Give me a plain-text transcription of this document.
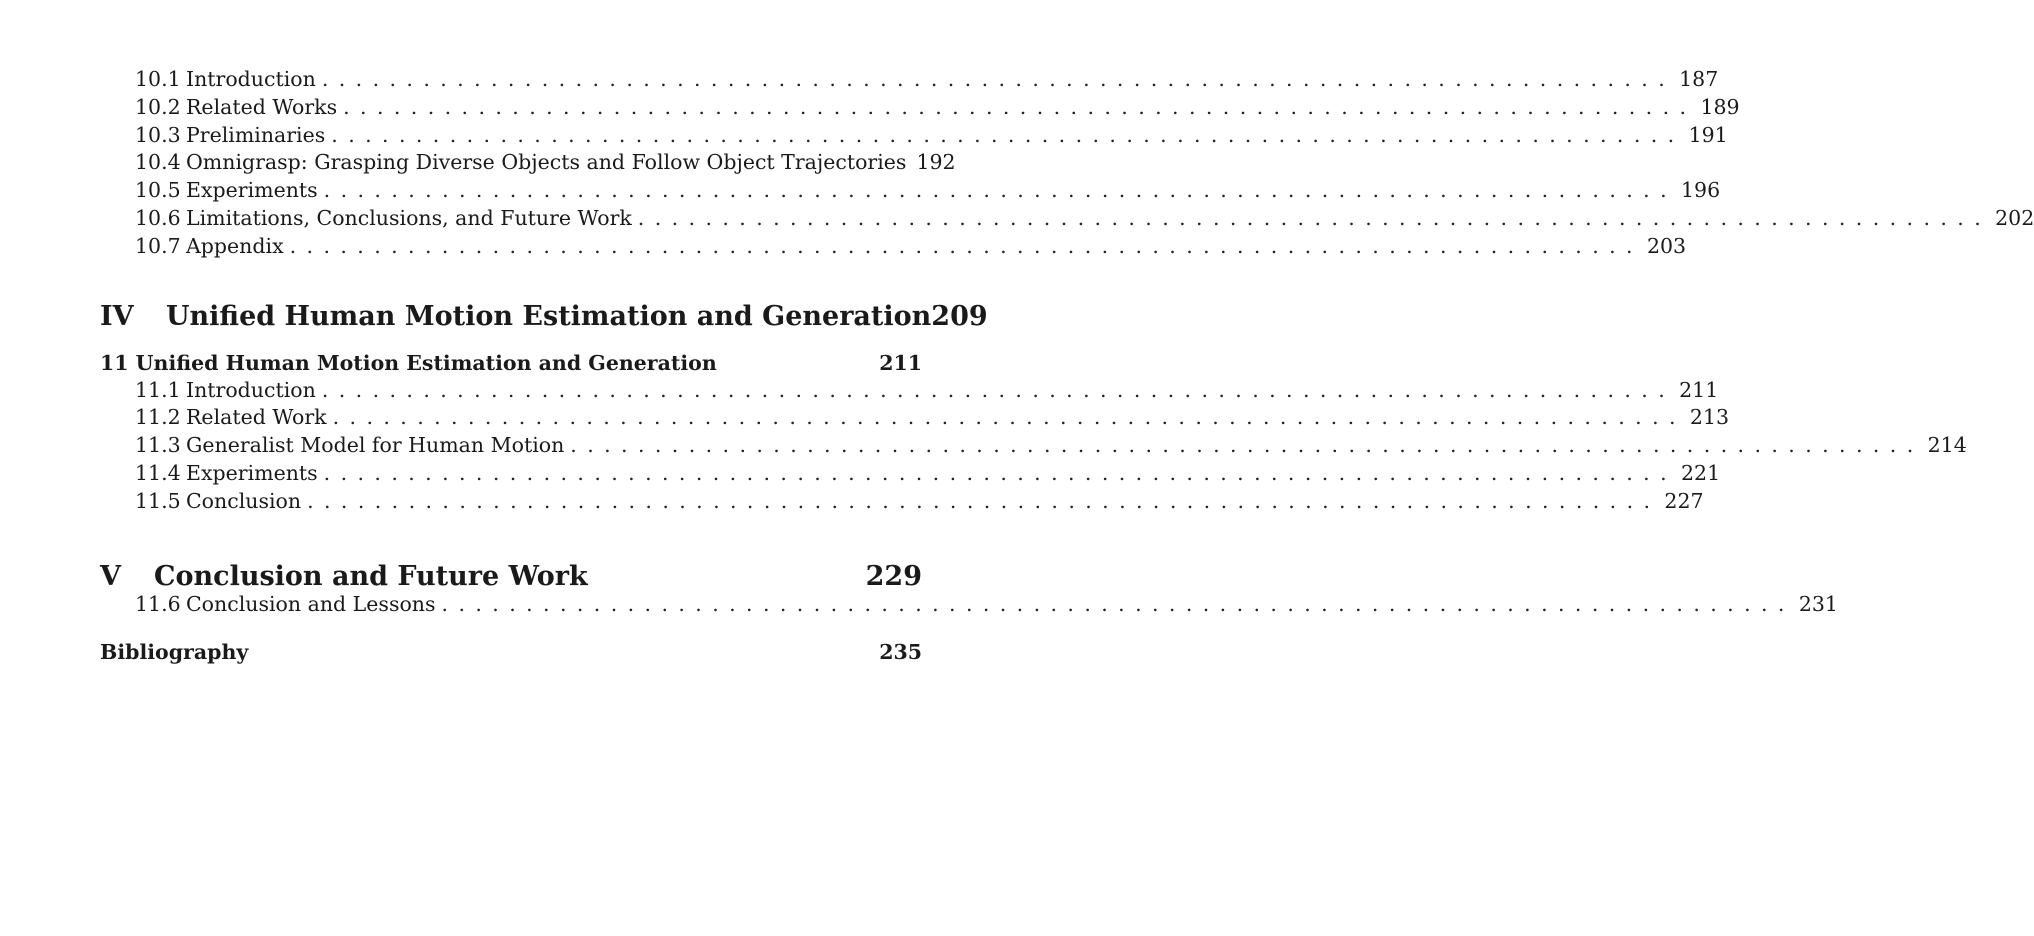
10.1 Introduction ................................................................................ 187
10.2 Related Works ................................................................................ 189
10.3 Preliminaries ................................................................................ 191
10.4 Omnigrasp: Grasping Diverse Objects and Follow Object Trajectories 192
10.5 Experiments ................................................................................ 196
10.6 Limitations, Conclusions, and Future Work ................................................................................ 202
10.7 Appendix ................................................................................ 203
IV	Unified Human Motion Estimation and Generation 209
11 Unified Human Motion Estimation and Generation	211
11.1 Introduction ................................................................................ 211
11.2 Related Work ................................................................................ 213
11.3 Generalist Model for Human Motion ................................................................................ 214
11.4 Experiments ................................................................................ 221
11.5 Conclusion ................................................................................ 227
V	Conclusion and Future Work	229
11.6 Conclusion and Lessons ................................................................................ 231
Bibliography	235
